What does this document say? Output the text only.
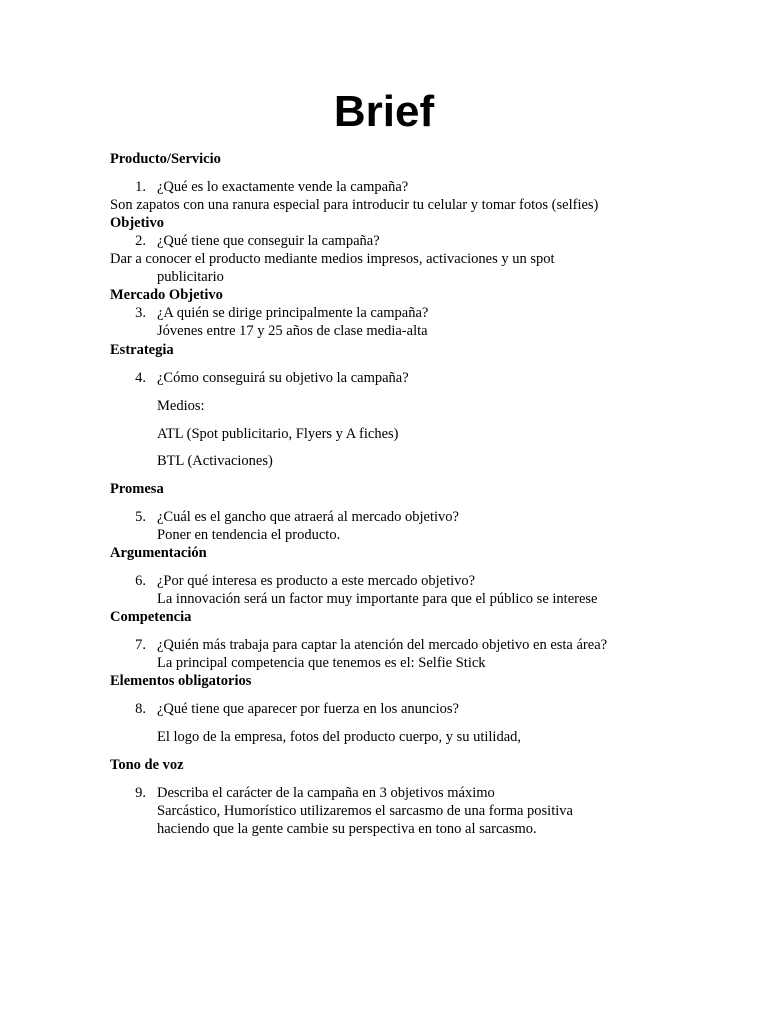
Brief
Producto/Servicio
1. ¿Qué es lo exactamente vende la campaña?
Son zapatos con una ranura especial para introducir tu celular y tomar fotos (selfies)
Objetivo
2. ¿Qué tiene que conseguir la campaña?
Dar a conocer el producto mediante medios impresos, activaciones y un spot
publicitario
Mercado Objetivo
3. ¿A quién se dirige principalmente la campaña?
Jóvenes entre 17 y 25 años de clase media-alta
Estrategia
4. ¿Cómo conseguirá su objetivo la campaña?
Medios:
ATL (Spot publicitario, Flyers y A fiches)
BTL (Activaciones)
Promesa
5. ¿Cuál es el gancho que atraerá al mercado objetivo?
Poner en tendencia el producto.
Argumentación
6. ¿Por qué interesa es producto a este mercado objetivo?
La innovación será un factor muy importante para que el público se interese
Competencia
7. ¿Quién más trabaja para captar la atención del mercado objetivo en esta área?
La principal competencia que tenemos es el: Selfie Stick
Elementos obligatorios
8. ¿Qué tiene que aparecer por fuerza en los anuncios?
El logo de la empresa, fotos del producto cuerpo, y su utilidad,
Tono de voz
9. Describa el carácter de la campaña en 3 objetivos máximo
Sarcástico, Humorístico utilizaremos el sarcasmo de una forma positiva
haciendo que la gente cambie su perspectiva en tono al sarcasmo.
